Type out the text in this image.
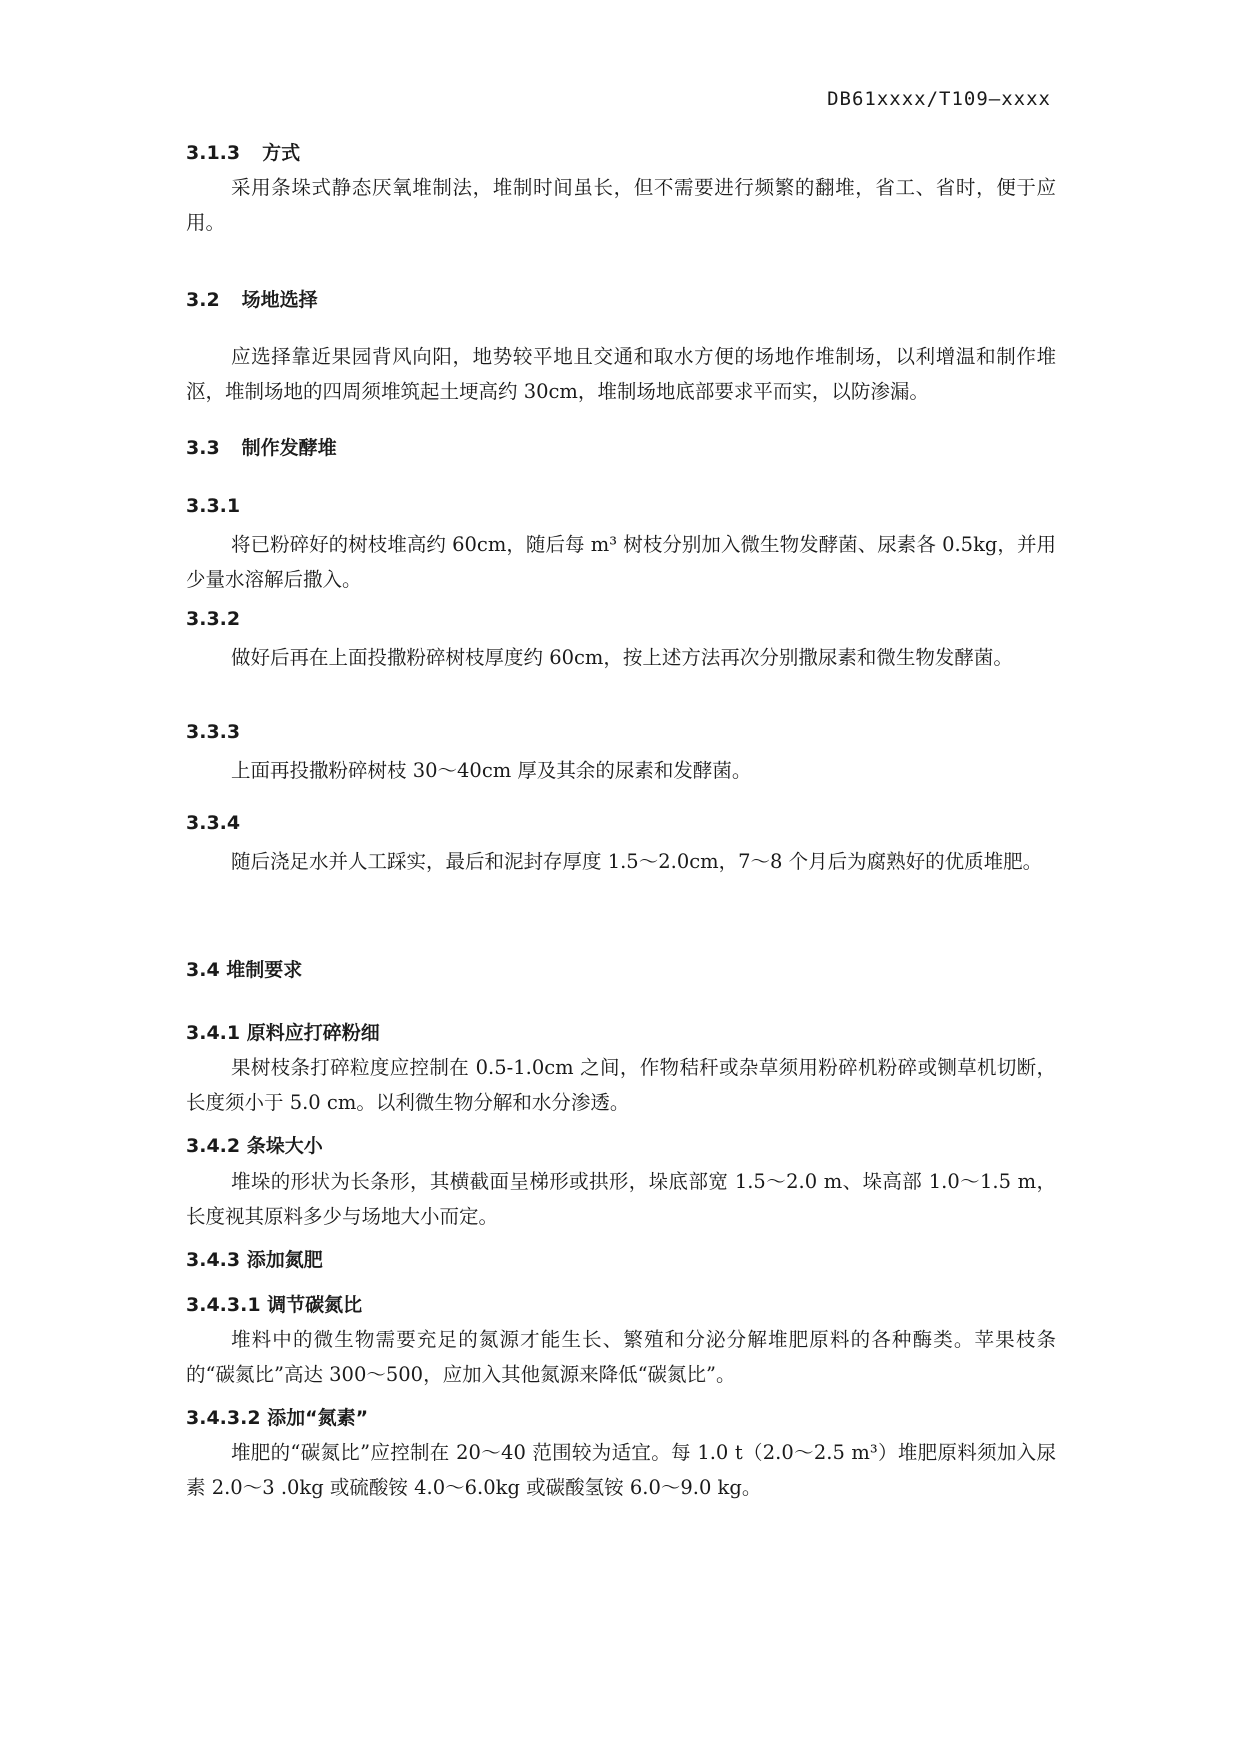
DB61xxxx/T109—xxxx
3.1.3 方式
采用条垛式静态厌氧堆制法，堆制时间虽长，但不需要进行频繁的翻堆，省工、省时，便于应用。
3.2 场地选择
应选择靠近果园背风向阳，地势较平地且交通和取水方便的场地作堆制场，以利增温和制作堆沤，堆制场地的四周须堆筑起土埂高约 30cm，堆制场地底部要求平而实，以防渗漏。
3.3 制作发酵堆
3.3.1
将已粉碎好的树枝堆高约 60cm，随后每 m³ 树枝分别加入微生物发酵菌、尿素各 0.5kg，并用少量水溶解后撒入。
3.3.2
做好后再在上面投撒粉碎树枝厚度约 60cm，按上述方法再次分别撒尿素和微生物发酵菌。
3.3.3
上面再投撒粉碎树枝 30～40cm 厚及其余的尿素和发酵菌。
3.3.4
随后浇足水并人工踩实，最后和泥封存厚度 1.5～2.0cm，7～8 个月后为腐熟好的优质堆肥。
3.4 堆制要求
3.4.1 原料应打碎粉细
果树枝条打碎粒度应控制在 0.5-1.0cm 之间，作物秸秆或杂草须用粉碎机粉碎或铡草机切断，长度须小于 5.0 cm。以利微生物分解和水分渗透。
3.4.2 条垛大小
堆垛的形状为长条形，其横截面呈梯形或拱形，垛底部宽 1.5～2.0 m、垛高部 1.0～1.5 m，长度视其原料多少与场地大小而定。
3.4.3 添加氮肥
3.4.3.1 调节碳氮比
堆料中的微生物需要充足的氮源才能生长、繁殖和分泌分解堆肥原料的各种酶类。苹果枝条的“碳氮比”高达 300～500，应加入其他氮源来降低“碳氮比”。
3.4.3.2 添加“氮素”
堆肥的“碳氮比”应控制在 20～40 范围较为适宜。每 1.0 t（2.0～2.5 m³）堆肥原料须加入尿素 2.0～3 .0kg 或硫酸铵 4.0～6.0kg 或碳酸氢铵 6.0～9.0 kg。
